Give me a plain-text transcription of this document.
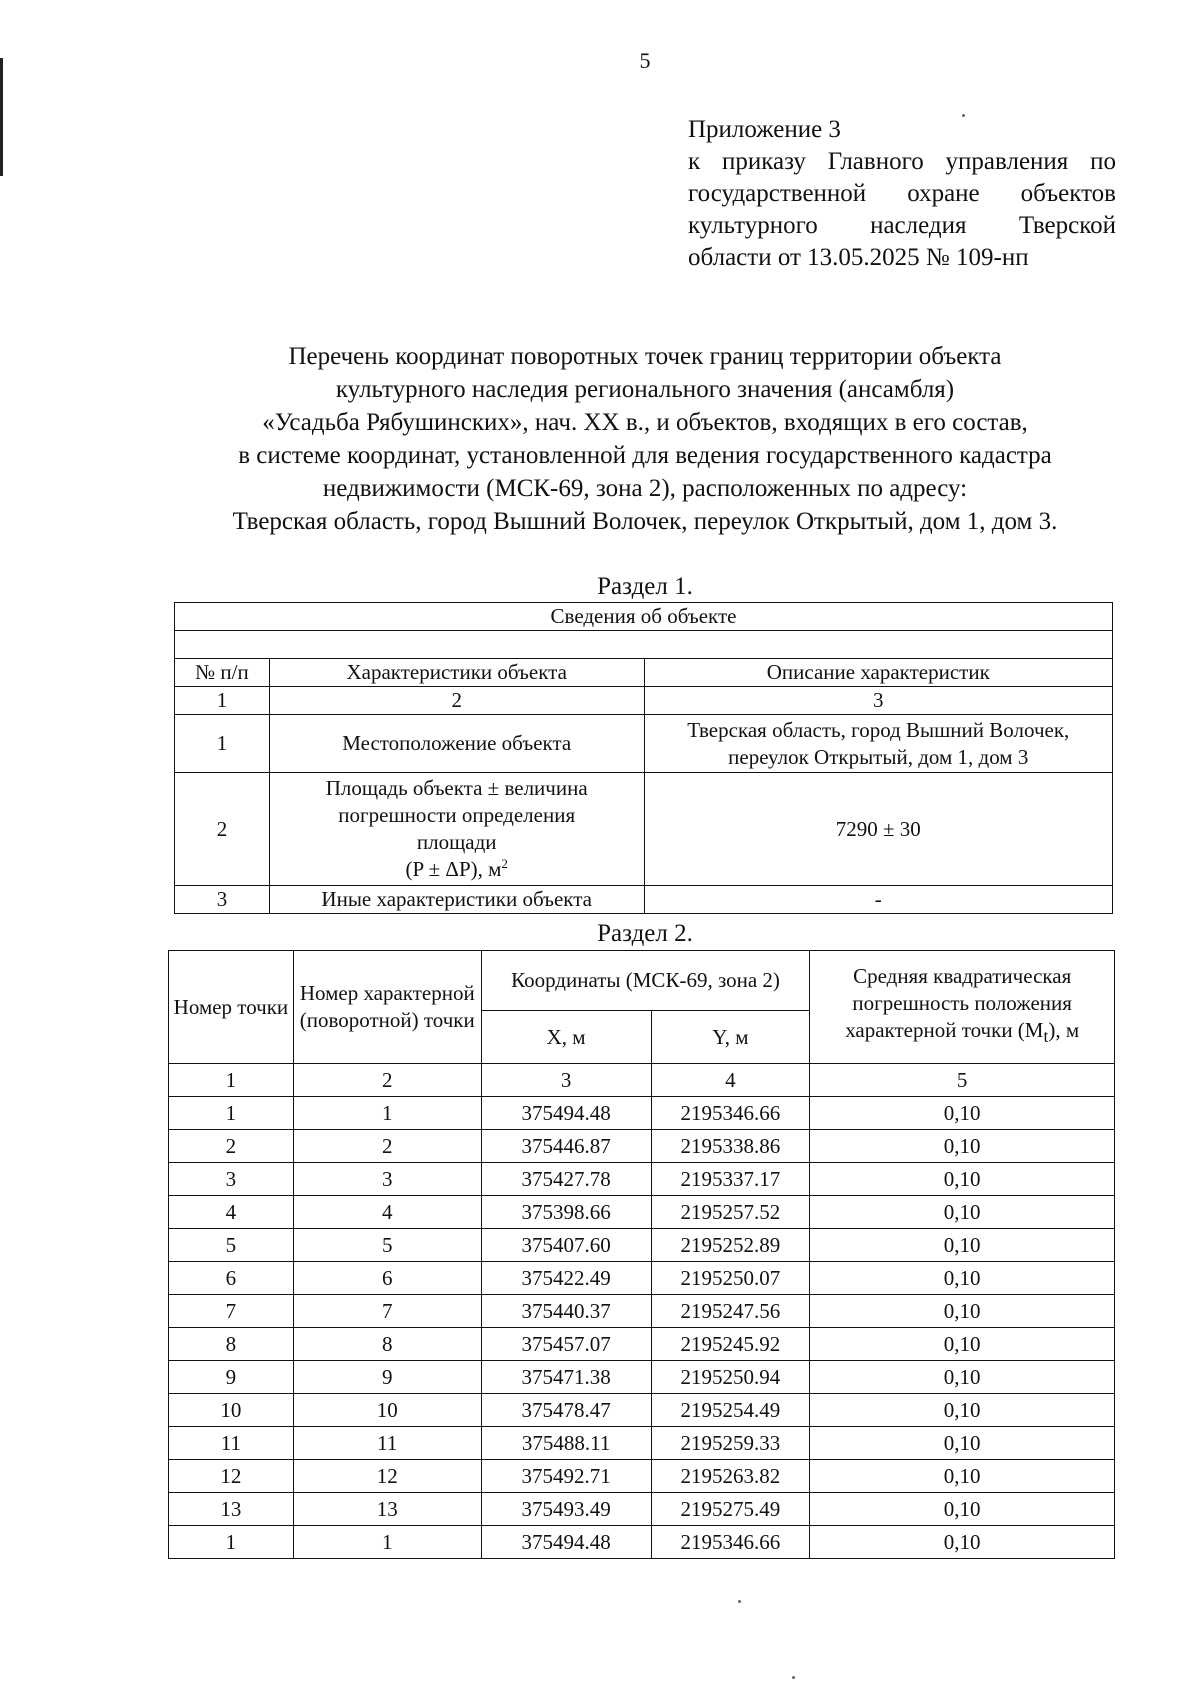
5
Приложение 3
к приказу Главного управления по
государственной охране объектов
культурного наследия Тверской
области от 13.05.2025 № 109-нп
Перечень координат поворотных точек границ территории объекта
культурного наследия регионального значения (ансамбля)
«Усадьба Рябушинских», нач. XX в., и объектов, входящих в его состав,
в системе координат, установленной для ведения государственного кадастра
недвижимости (МСК-69, зона 2), расположенных по адресу:
Тверская область, город Вышний Волочек, переулок Открытый, дом 1, дом 3.
Раздел 1.
Сведения об объекте		

№ п/п	Характеристики объекта	Описание характеристик
1	2	3
1	Местоположение объекта	Тверская область, город Вышний Волочек,
переулок Открытый, дом 1, дом 3

2	Площадь объекта ± величина
погрешности определения
площади
(P ± ΔP), $м^2$	7290 ± 30
3	Иные характеристики объекта	-
Раздел 2.
Номер точки	Номер характерной (поворотной) точки	Координаты (МСК-69, зона 2)		Средняя квадратическая погрешность положения характерной точки $(M_t)$, м
		X, м	Y, м	
1	2	3	4	5
1	1	375494.48	2195346.66	0,10
2	2	375446.87	2195338.86	0,10
3	3	375427.78	2195337.17	0,10
4	4	375398.66	2195257.52	0,10
5	5	375407.60	2195252.89	0,10
6	6	375422.49	2195250.07	0,10
7	7	375440.37	2195247.56	0,10
8	8	375457.07	2195245.92	0,10
9	9	375471.38	2195250.94	0,10
10	10	375478.47	2195254.49	0,10
11	11	375488.11	2195259.33	0,10
12	12	375492.71	2195263.82	0,10
13	13	375493.49	2195275.49	0,10
1	1	375494.48	2195346.66	0,10
